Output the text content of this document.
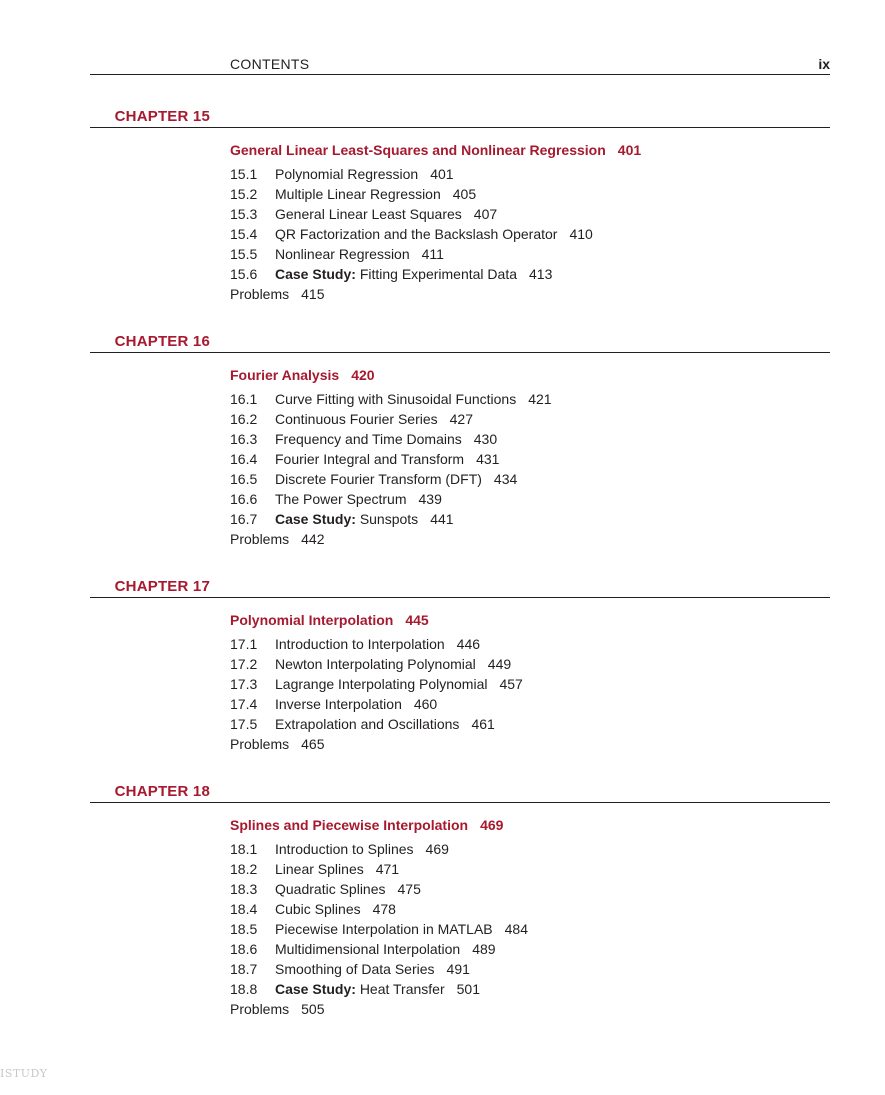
CONTENTS	ix
CHAPTER 15
General Linear Least-Squares and Nonlinear Regression 401
15.1 Polynomial Regression 401
15.2 Multiple Linear Regression 405
15.3 General Linear Least Squares 407
15.4 QR Factorization and the Backslash Operator 410
15.5 Nonlinear Regression 411
15.6 Case Study: Fitting Experimental Data 413
Problems 415
CHAPTER 16
Fourier Analysis 420
16.1 Curve Fitting with Sinusoidal Functions 421
16.2 Continuous Fourier Series 427
16.3 Frequency and Time Domains 430
16.4 Fourier Integral and Transform 431
16.5 Discrete Fourier Transform (DFT) 434
16.6 The Power Spectrum 439
16.7 Case Study: Sunspots 441
Problems 442
CHAPTER 17
Polynomial Interpolation 445
17.1 Introduction to Interpolation 446
17.2 Newton Interpolating Polynomial 449
17.3 Lagrange Interpolating Polynomial 457
17.4 Inverse Interpolation 460
17.5 Extrapolation and Oscillations 461
Problems 465
CHAPTER 18
Splines and Piecewise Interpolation 469
18.1 Introduction to Splines 469
18.2 Linear Splines 471
18.3 Quadratic Splines 475
18.4 Cubic Splines 478
18.5 Piecewise Interpolation in MATLAB 484
18.6 Multidimensional Interpolation 489
18.7 Smoothing of Data Series 491
18.8 Case Study: Heat Transfer 501
Problems 505
ISTUDY
